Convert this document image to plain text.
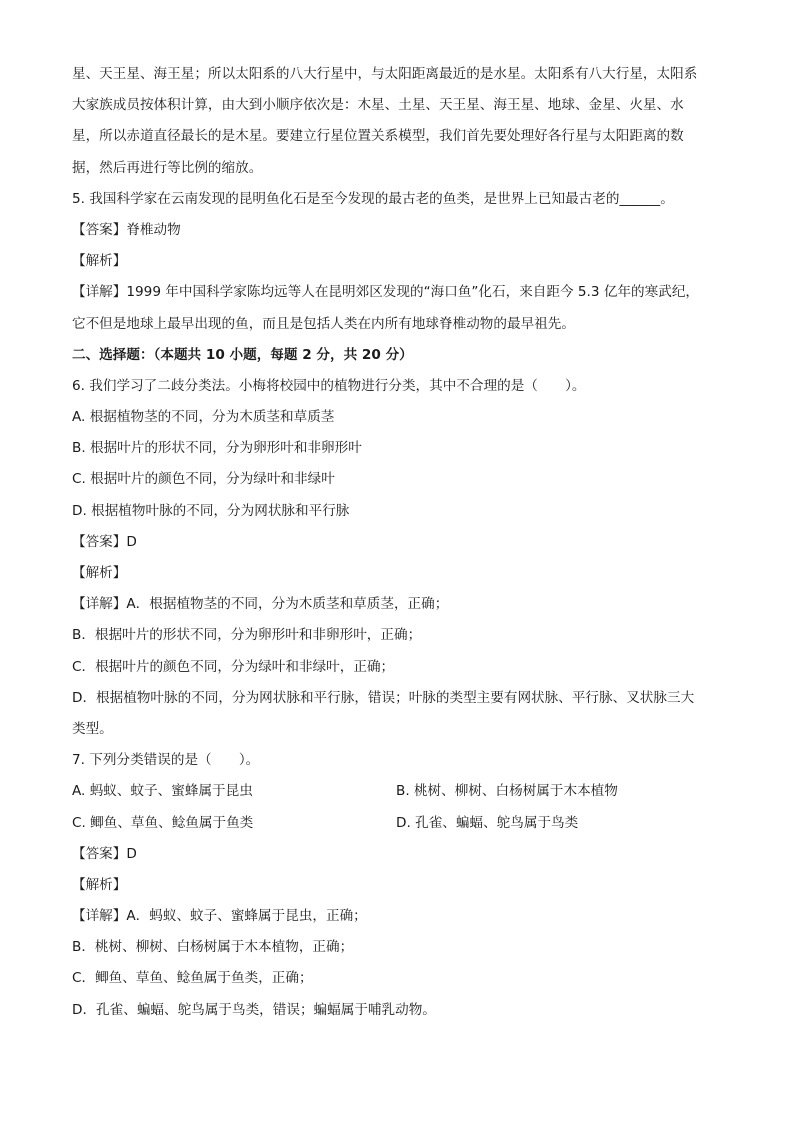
星、天王星、海王星；所以太阳系的八大行星中，与太阳距离最近的是水星。太阳系有八大行星，太阳系
大家族成员按体积计算，由大到小顺序依次是：木星、土星、天王星、海王星、地球、金星、火星、水
星，所以赤道直径最长的是木星。要建立行星位置关系模型，我们首先要处理好各行星与太阳距离的数
据，然后再进行等比例的缩放。
5. 我国科学家在云南发现的昆明鱼化石是至今发现的最古老的鱼类，是世界上已知最古老的______。
【答案】脊椎动物
【解析】
【详解】1999 年中国科学家陈均远等人在昆明郊区发现的“海口鱼”化石，来自距今 5.3 亿年的寒武纪，
它不但是地球上最早出现的鱼，而且是包括人类在内所有地球脊椎动物的最早祖先。
二、选择题：（本题共 10 小题，每题 2 分，共 20 分）
6. 我们学习了二歧分类法。小梅将校园中的植物进行分类，其中不合理的是（　　）。
A. 根据植物茎的不同，分为木质茎和草质茎
B. 根据叶片的形状不同，分为卵形叶和非卵形叶
C. 根据叶片的颜色不同，分为绿叶和非绿叶
D. 根据植物叶脉的不同，分为网状脉和平行脉
【答案】D
【解析】
【详解】A．根据植物茎的不同，分为木质茎和草质茎，正确；
B．根据叶片的形状不同，分为卵形叶和非卵形叶，正确；
C．根据叶片的颜色不同，分为绿叶和非绿叶，正确；
D．根据植物叶脉的不同，分为网状脉和平行脉，错误；叶脉的类型主要有网状脉、平行脉、叉状脉三大
类型。
7. 下列分类错误的是（　　）。
A. 蚂蚁、蚊子、蜜蜂属于昆虫	B. 桃树、柳树、白杨树属于木本植物
C. 鲫鱼、草鱼、鲶鱼属于鱼类	D. 孔雀、蝙蝠、鸵鸟属于鸟类
【答案】D
【解析】
【详解】A．蚂蚁、蚊子、蜜蜂属于昆虫，正确；
B．桃树、柳树、白杨树属于木本植物，正确；
C．鲫鱼、草鱼、鲶鱼属于鱼类，正确；
D．孔雀、蝙蝠、鸵鸟属于鸟类，错误；蝙蝠属于哺乳动物。
